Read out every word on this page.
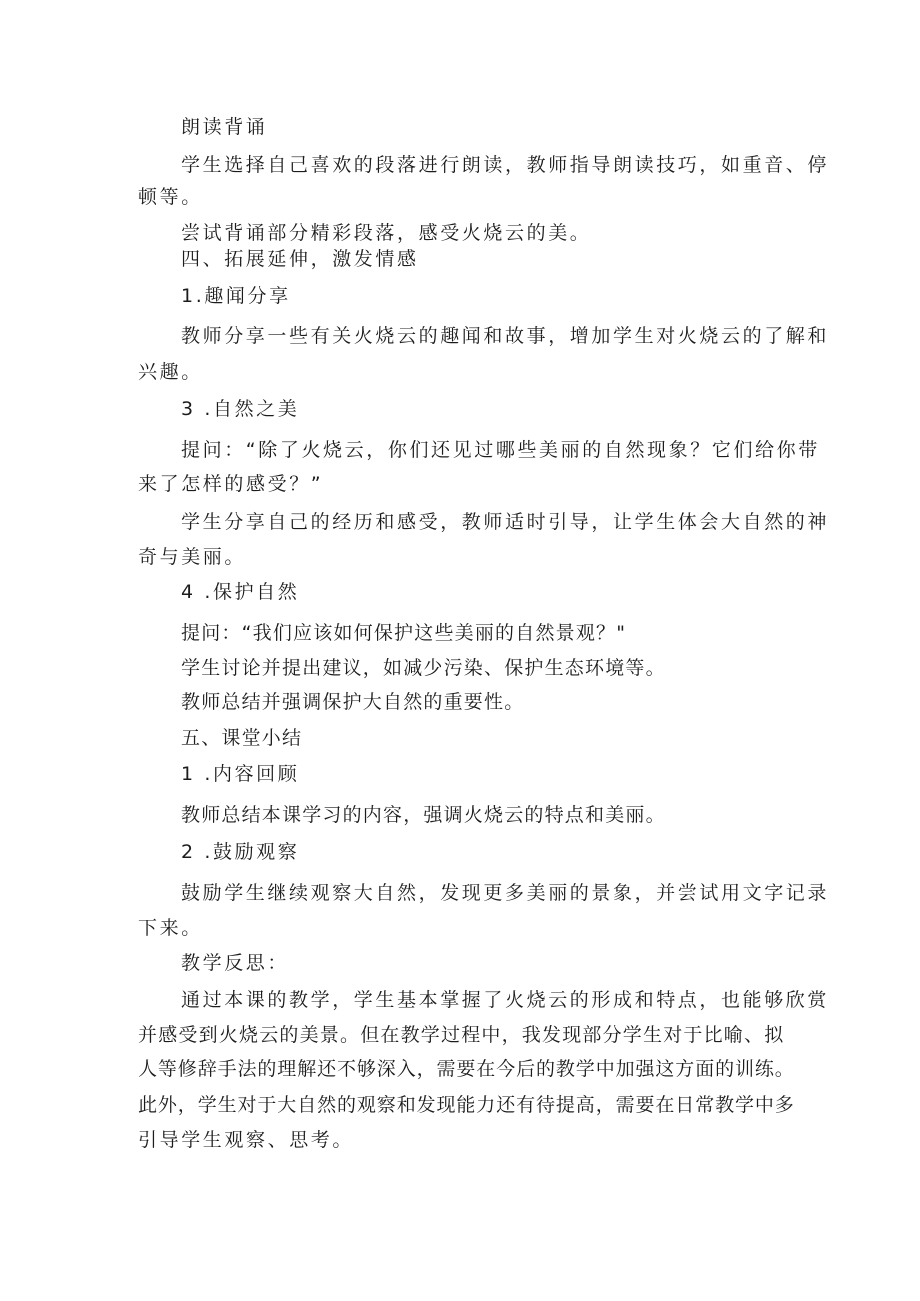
朗读背诵
学生选择自己喜欢的段落进行朗读，教师指导朗读技巧，如重音、停
顿等。
尝试背诵部分精彩段落，感受火烧云的美。
四、拓展延伸，激发情感
1.趣闻分享
教师分享一些有关火烧云的趣闻和故事，增加学生对火烧云的了解和
兴趣。
3 .自然之美
提问：“除了火烧云，你们还见过哪些美丽的自然现象？它们给你带
来了怎样的感受？”
学生分享自己的经历和感受，教师适时引导，让学生体会大自然的神
奇与美丽。
4 .保护自然
提问：“我们应该如何保护这些美丽的自然景观？"
学生讨论并提出建议，如减少污染、保护生态环境等。
教师总结并强调保护大自然的重要性。
五、课堂小结
1 .内容回顾
教师总结本课学习的内容，强调火烧云的特点和美丽。
2 .鼓励观察
鼓励学生继续观察大自然，发现更多美丽的景象，并尝试用文字记录
下来。
教学反思：
通过本课的教学，学生基本掌握了火烧云的形成和特点，也能够欣赏
并感受到火烧云的美景。但在教学过程中，我发现部分学生对于比喻、拟
人等修辞手法的理解还不够深入，需要在今后的教学中加强这方面的训练。
此外，学生对于大自然的观察和发现能力还有待提高，需要在日常教学中多
引导学生观察、思考。
